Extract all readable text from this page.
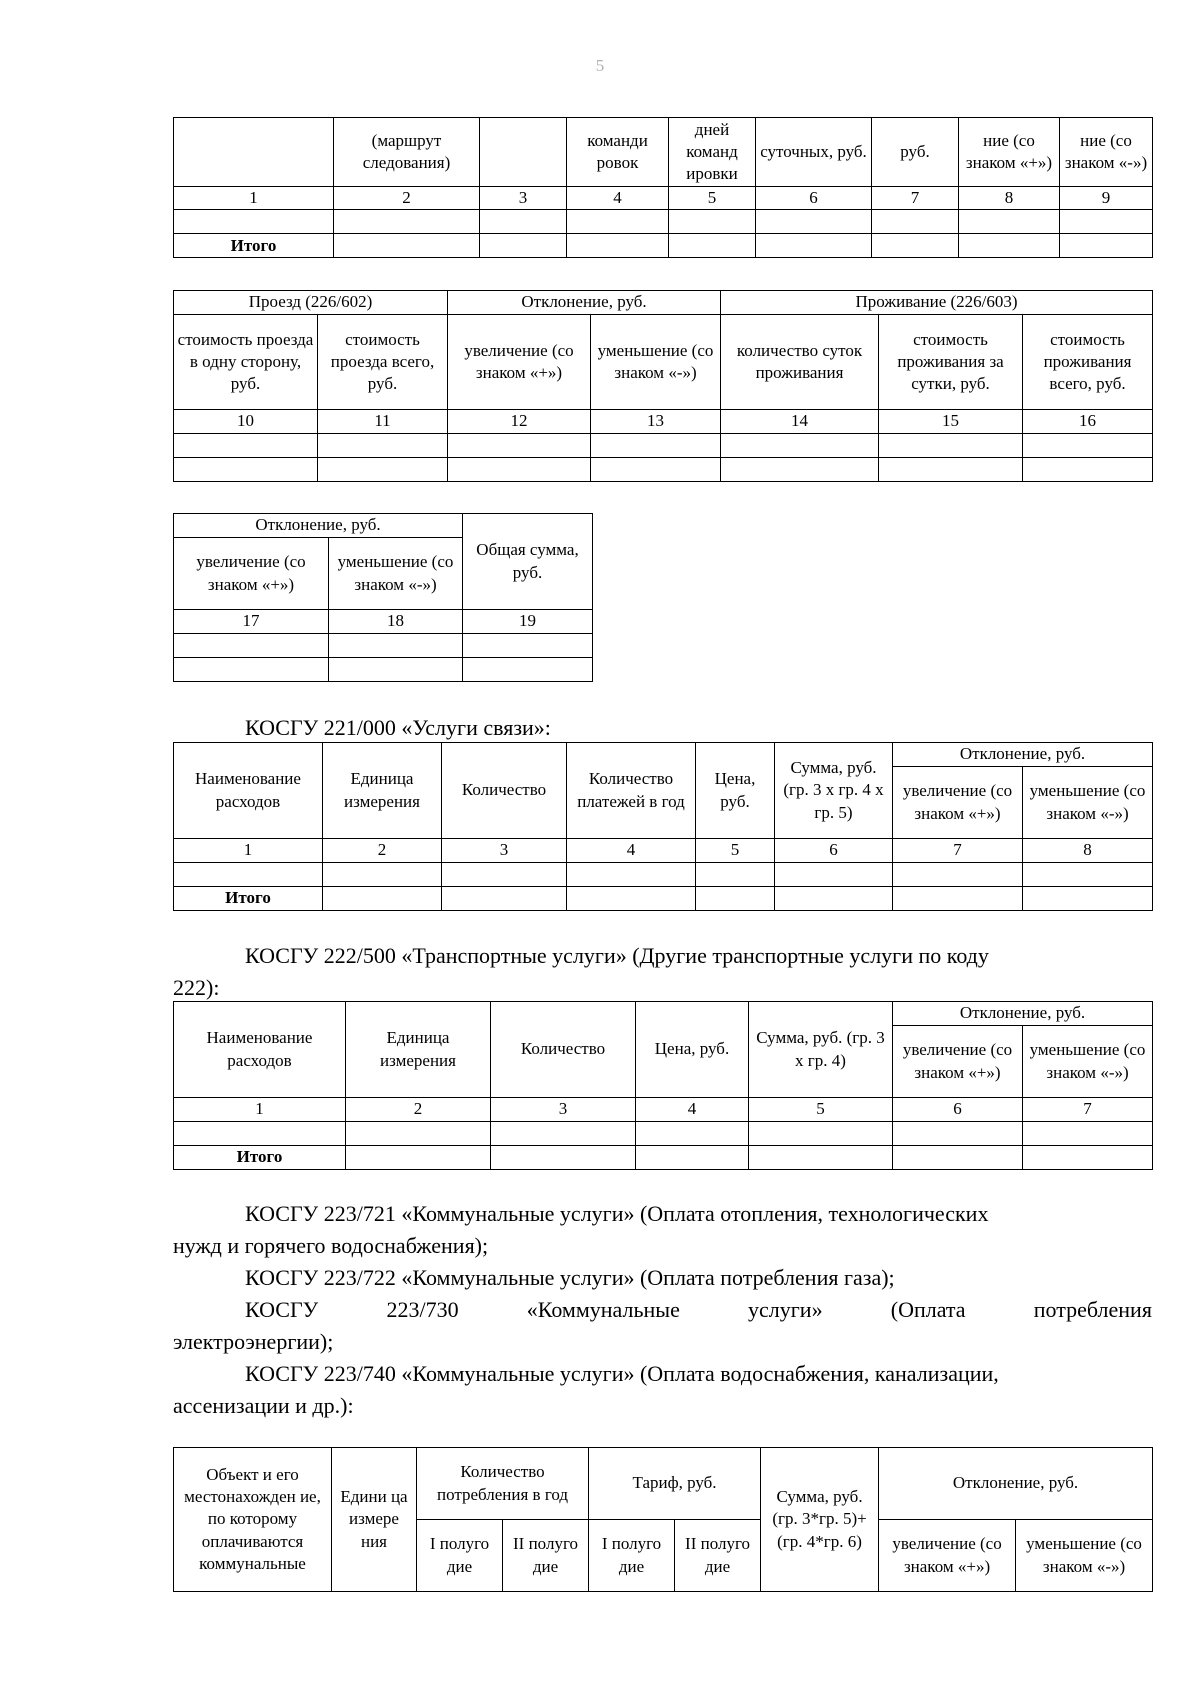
5
	(маршрут следования)		команди ровок	дней команд ировки	суточных, руб.	руб.	ние (со знаком «+»)	ние (со знаком «-»)
1	2	3	4	5	6	7	8	9

Итого								
Проезд (226/602)		Отклонение, руб.		Проживание (226/603)		
стоимость проезда в одну сторону, руб.	стоимость проезда всего, руб.	увеличение (со знаком «+»)	уменьшение (со знаком «-»)	количество суток проживания	стоимость проживания за сутки, руб.	стоимость проживания всего, руб.
10	11	12	13	14	15	16

Отклонение, руб.		Общая сумма, руб.
увеличение (со знаком «+»)	уменьшение (со знаком «-»)	
17	18	19

КОСГУ 221/000 «Услуги связи»:
Наименование расходов	Единица измерения	Количество	Количество платежей в год	Цена, руб.	Сумма, руб. (гр. 3 x гр. 4 x гр. 5)	Отклонение, руб.	
						увеличение (со знаком «+»)	уменьшение (со знаком «-»)
1	2	3	4	5	6	7	8

Итого							
КОСГУ 222/500 «Транспортные услуги» (Другие транспортные услуги по коду
222):
Наименование расходов	Единица измерения	Количество	Цена, руб.	Сумма, руб. (гр. 3 x гр. 4)	Отклонение, руб.	
					увеличение (со знаком «+»)	уменьшение (со знаком «-»)
1	2	3	4	5	6	7

Итого						
КОСГУ 223/721 «Коммунальные услуги» (Оплата отопления, технологических
нужд и горячего водоснабжения);
КОСГУ 223/722 «Коммунальные услуги» (Оплата потребления газа);
КОСГУ	223/730	«Коммунальные	услуги»	(Оплата	потребления
электроэнергии);
КОСГУ 223/740 «Коммунальные услуги» (Оплата водоснабжения, канализации,
ассенизации и др.):
Объект и его местонахожден ие, по которому оплачиваются коммунальные	Едини ца измере ния	Количество потребления в год		Тариф, руб.		Сумма, руб. (гр. 3*гр. 5)+(гр. 4*гр. 6)	Отклонение, руб.	
		I полуго дие	II полуго дие	I полуго дие	II полуго дие		увеличение (со знаком «+»)	уменьшение (со знаком «-»)
